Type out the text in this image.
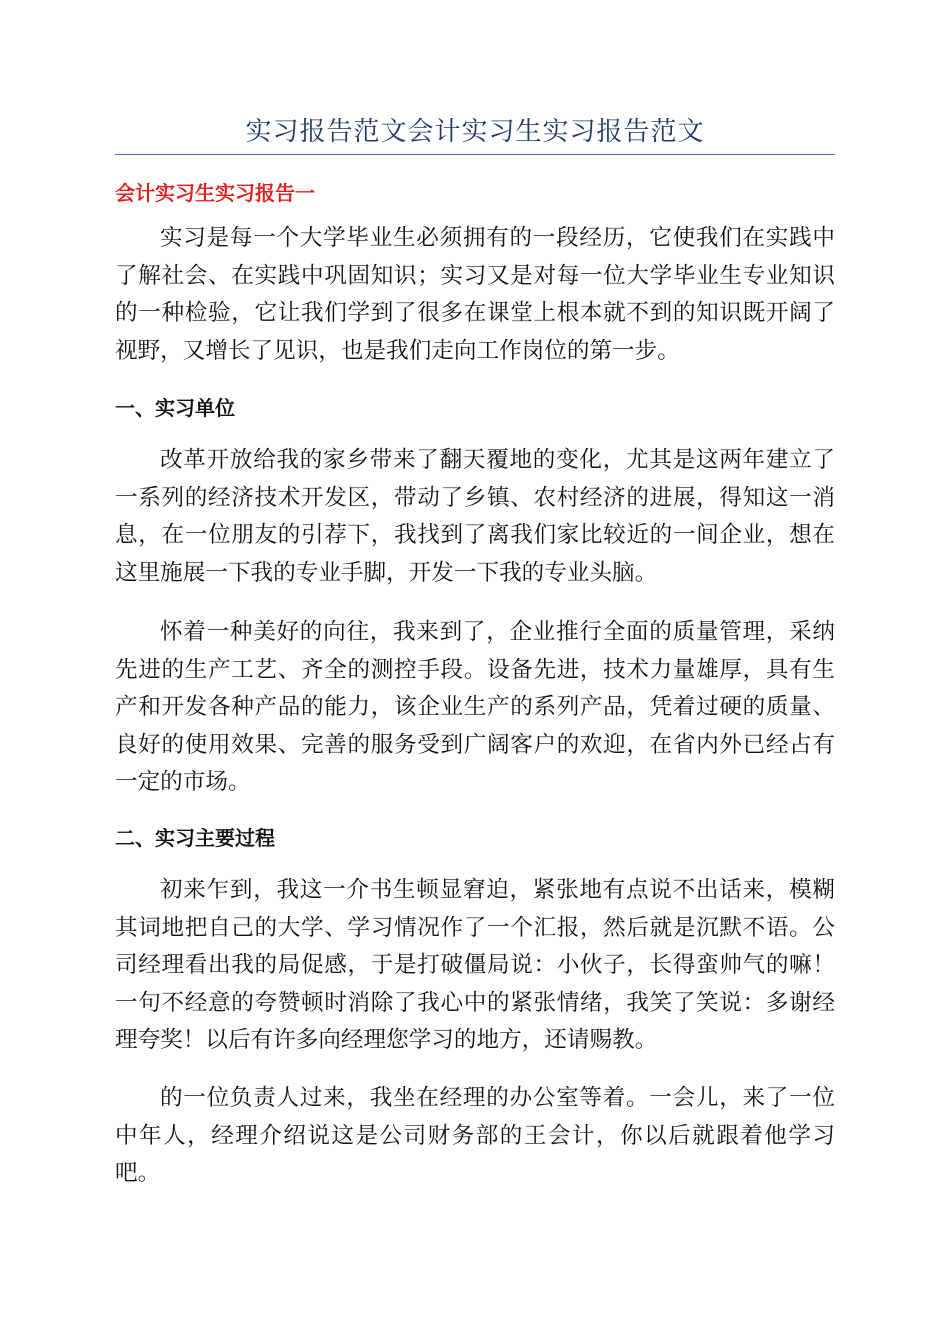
实习报告范文会计实习生实习报告范文
会计实习生实习报告一

实习是每一个大学毕业生必须拥有的一段经历，它使我们在实践中了解社会、在实践中巩固知识；实习又是对每一位大学毕业生专业知识的一种检验，它让我们学到了很多在课堂上根本就不到的知识既开阔了视野，又增长了见识，也是我们走向工作岗位的第一步。

一、实习单位

改革开放给我的家乡带来了翻天覆地的变化，尤其是这两年建立了一系列的经济技术开发区，带动了乡镇、农村经济的进展，得知这一消息，在一位朋友的引荐下，我找到了离我们家比较近的一间企业，想在这里施展一下我的专业手脚，开发一下我的专业头脑。

怀着一种美好的向往，我来到了，企业推行全面的质量管理，采纳先进的生产工艺、齐全的测控手段。设备先进，技术力量雄厚，具有生产和开发各种产品的能力，该企业生产的系列产品，凭着过硬的质量、良好的使用效果、完善的服务受到广阔客户的欢迎，在省内外已经占有一定的市场。

二、实习主要过程

初来乍到，我这一介书生顿显窘迫，紧张地有点说不出话来，模糊其词地把自己的大学、学习情况作了一个汇报，然后就是沉默不语。公司经理看出我的局促感，于是打破僵局说：小伙子，长得蛮帅气的嘛！一句不经意的夸赞顿时消除了我心中的紧张情绪，我笑了笑说：多谢经理夸奖！以后有许多向经理您学习的地方，还请赐教。

的一位负责人过来，我坐在经理的办公室等着。一会儿，来了一位中年人，经理介绍说这是公司财务部的王会计，你以后就跟着他学习吧。
